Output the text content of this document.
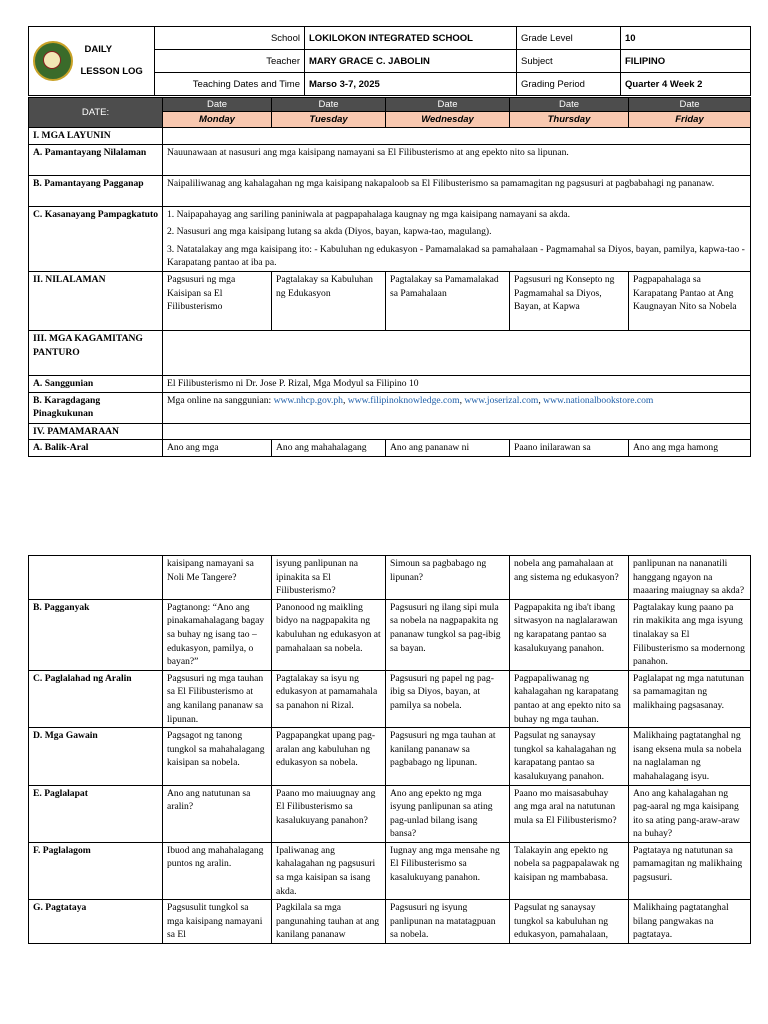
	DAILY
LESSON LOG	School	LOKILOKON INTEGRATED SCHOOL	Grade Level	10
		Teacher	MARY GRACE C. JABOLIN	Subject	FILIPINO
		Teaching Dates and Time	Marso 3-7, 2025	Grading Period	Quarter 4 Week 2
DATE:	Date	Date	Date	Date	Date
	Monday	Tuesday	Wednesday	Thursday	Friday
I. MGA LAYUNIN					
A. Pamantayang Nilalaman	Nauunawaan at nasusuri ang mga kaisipang namayani sa El Filibusterismo at ang epekto nito sa lipunan.				
B. Pamantayang Pagganap	Naipaliliwanag ang kahalagahan ng mga kaisipang nakapaloob sa El Filibusterismo sa pamamagitan ng pagsusuri at pagbabahagi ng pananaw.				
C. Kasanayang Pampagkatuto	1. Naipapahayag ang sariling paniniwala at pagpapahalaga kaugnay ng mga kaisipang namayani sa akda.

2. Nasusuri ang mga kaisipang lutang sa akda (Diyos, bayan, kapwa-tao, magulang).

3. Natatalakay ang mga kaisipang ito: - Kabuluhan ng edukasyon - Pamamalakad sa pamahalaan - Pagmamahal sa Diyos, bayan, pamilya, kapwa-tao - Karapatang pantao at iba pa.				

II. NILALAMAN	Pagsusuri ng mga Kaisipan sa El Filibusterismo	Pagtalakay sa Kabuluhan ng Edukasyon	Pagtalakay sa Pamamalakad sa Pamahalaan	Pagsusuri ng Konsepto ng Pagmamahal sa Diyos, Bayan, at Kapwa	Pagpapahalaga sa Karapatang Pantao at Ang Kaugnayan Nito sa Nobela
III. MGA KAGAMITANG PANTURO					
A. Sanggunian	El Filibusterismo ni Dr. Jose P. Rizal, Mga Modyul sa Filipino 10				
B. Karagdagang Pinagkukunan	Mga online na sanggunian: www.nhcp.gov.ph, www.filipinoknowledge.com, www.joserizal.com, www.nationalbookstore.com				
IV. PAMAMARAAN					
A. Balik-Aral	Ano ang mga	Ano ang mahahalagang	Ano ang pananaw ni	Paano inilarawan sa	Ano ang mga hamong
	kaisipang namayani sa Noli Me Tangere?	isyung panlipunan na ipinakita sa El Filibusterismo?	Simoun sa pagbabago ng lipunan?	nobela ang pamahalaan at ang sistema ng edukasyon?	panlipunan na nananatili hanggang ngayon na maaaring maiugnay sa akda?
B. Pagganyak	Pagtanong: “Ano ang pinakamahalagang bagay sa buhay ng isang tao – edukasyon, pamilya, o bayan?”	Panonood ng maikling bidyo na nagpapakita ng kabuluhan ng edukasyon at pamahalaan sa nobela.	Pagsusuri ng ilang sipi mula sa nobela na nagpapakita ng pananaw tungkol sa pag-ibig sa bayan.	Pagpapakita ng iba't ibang sitwasyon na naglalarawan ng karapatang pantao sa kasalukuyang panahon.	Pagtalakay kung paano pa rin makikita ang mga isyung tinalakay sa El Filibusterismo sa modernong panahon.
C. Paglalahad ng Aralin	Pagsusuri ng mga tauhan sa El Filibusterismo at ang kanilang pananaw sa lipunan.	Pagtalakay sa isyu ng edukasyon at pamamahala sa panahon ni Rizal.	Pagsusuri ng papel ng pag-ibig sa Diyos, bayan, at pamilya sa nobela.	Pagpapaliwanag ng kahalagahan ng karapatang pantao at ang epekto nito sa buhay ng mga tauhan.	Paglalapat ng mga natutunan sa pamamagitan ng malikhaing pagsasanay.
D. Mga Gawain	Pagsagot ng tanong tungkol sa mahahalagang kaisipan sa nobela.	Pagpapangkat upang pag-aralan ang kabuluhan ng edukasyon sa nobela.	Pagsusuri ng mga tauhan at kanilang pananaw sa pagbabago ng lipunan.	Pagsulat ng sanaysay tungkol sa kahalagahan ng karapatang pantao sa kasalukuyang panahon.	Malikhaing pagtatanghal ng isang eksena mula sa nobela na naglalaman ng mahahalagang isyu.
E. Paglalapat	Ano ang natutunan sa aralin?	Paano mo maiuugnay ang El Filibusterismo sa kasalukuyang panahon?	Ano ang epekto ng mga isyung panlipunan sa ating pag-unlad bilang isang bansa?	Paano mo maisasabuhay ang mga aral na natutunan mula sa El Filibusterismo?	Ano ang kahalagahan ng pag-aaral ng mga kaisipang ito sa ating pang-araw-araw na buhay?
F. Paglalagom	Ibuod ang mahahalagang puntos ng aralin.	Ipaliwanag ang kahalagahan ng pagsusuri sa mga kaisipan sa isang akda.	Iugnay ang mga mensahe ng El Filibusterismo sa kasalukuyang panahon.	Talakayin ang epekto ng nobela sa pagpapalawak ng kaisipan ng mambabasa.	Pagtataya ng natutunan sa pamamagitan ng malikhaing pagsusuri.
G. Pagtataya	Pagsusulit tungkol sa mga kaisipang namayani sa El	Pagkilala sa mga pangunahing tauhan at ang kanilang pananaw	Pagsusuri ng isyung panlipunan na matatagpuan sa nobela.	Pagsulat ng sanaysay tungkol sa kabuluhan ng edukasyon, pamahalaan,	Malikhaing pagtatanghal bilang pangwakas na pagtataya.
